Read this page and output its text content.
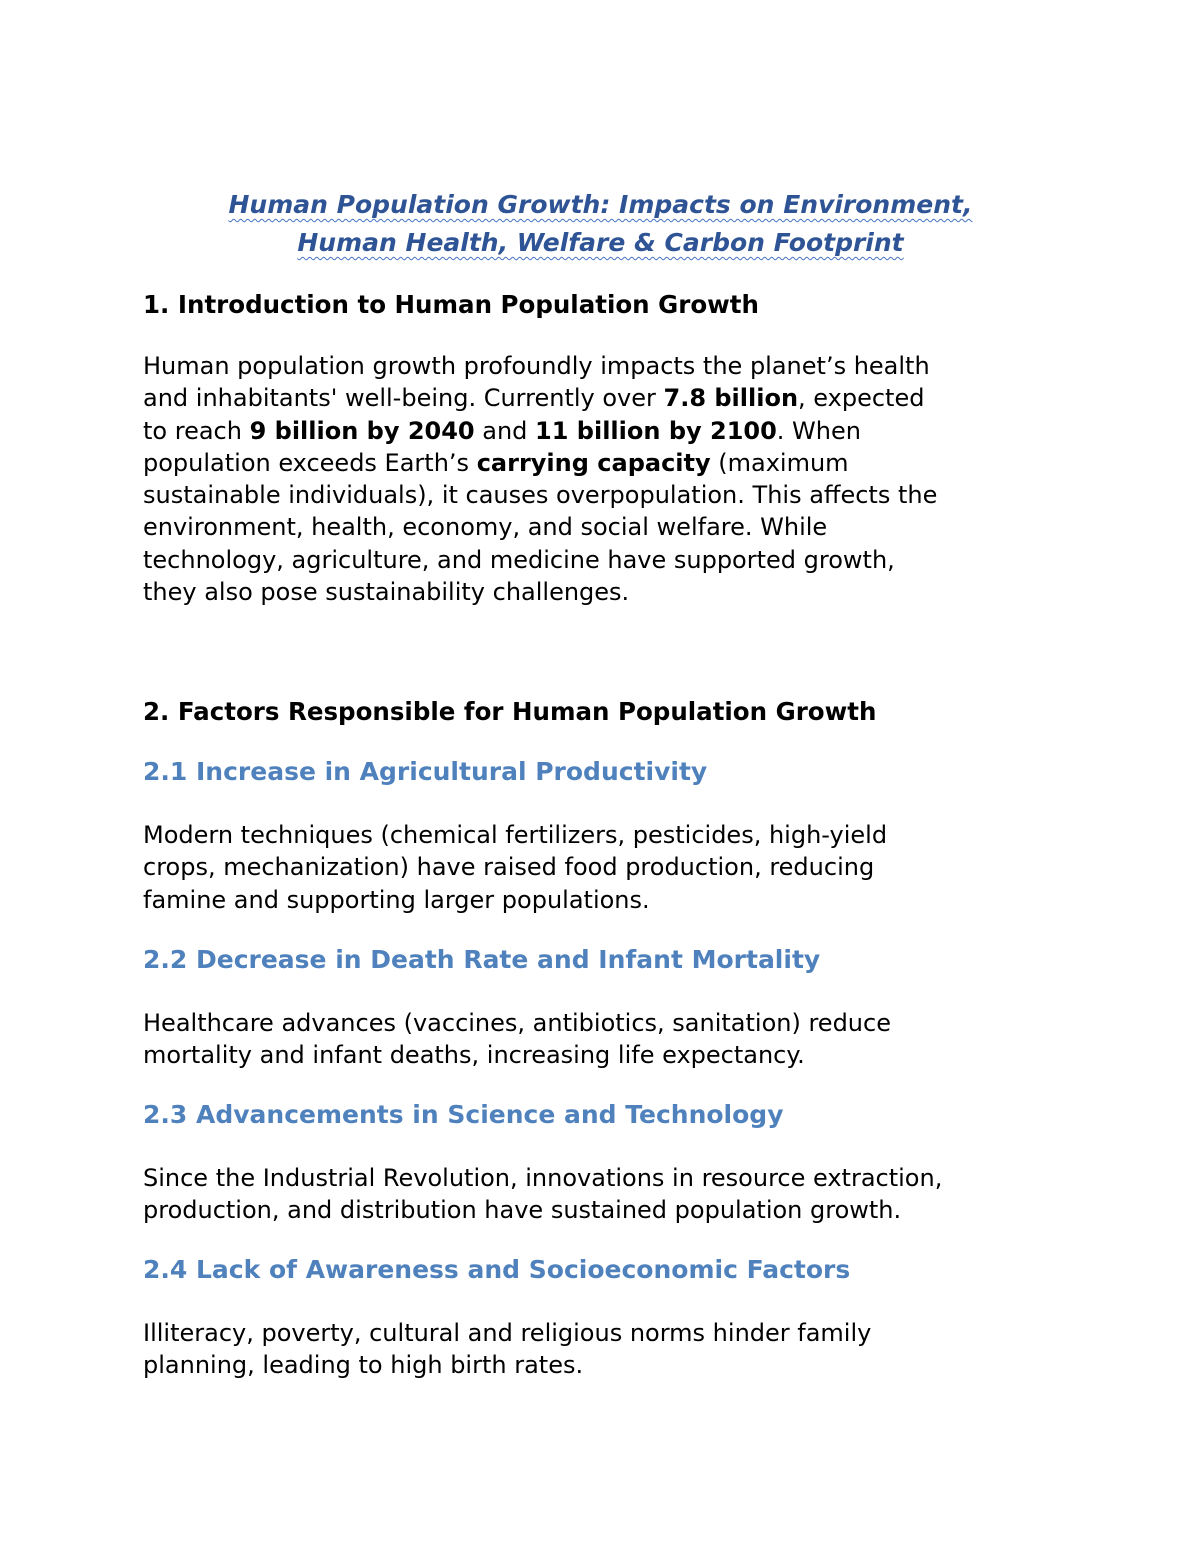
Human Population Growth: Impacts on Environment,
Human Health, Welfare & Carbon Footprint
1. Introduction to Human Population Growth
Human population growth profoundly impacts the planet’s health
and inhabitants' well-being. Currently over 7.8 billion, expected
to reach 9 billion by 2040 and 11 billion by 2100. When
population exceeds Earth’s carrying capacity (maximum
sustainable individuals), it causes overpopulation. This affects the
environment, health, economy, and social welfare. While
technology, agriculture, and medicine have supported growth,
they also pose sustainability challenges.
2. Factors Responsible for Human Population Growth
2.1 Increase in Agricultural Productivity
Modern techniques (chemical fertilizers, pesticides, high-yield
crops, mechanization) have raised food production, reducing
famine and supporting larger populations.
2.2 Decrease in Death Rate and Infant Mortality
Healthcare advances (vaccines, antibiotics, sanitation) reduce
mortality and infant deaths, increasing life expectancy.
2.3 Advancements in Science and Technology
Since the Industrial Revolution, innovations in resource extraction,
production, and distribution have sustained population growth.
2.4 Lack of Awareness and Socioeconomic Factors
Illiteracy, poverty, cultural and religious norms hinder family
planning, leading to high birth rates.
